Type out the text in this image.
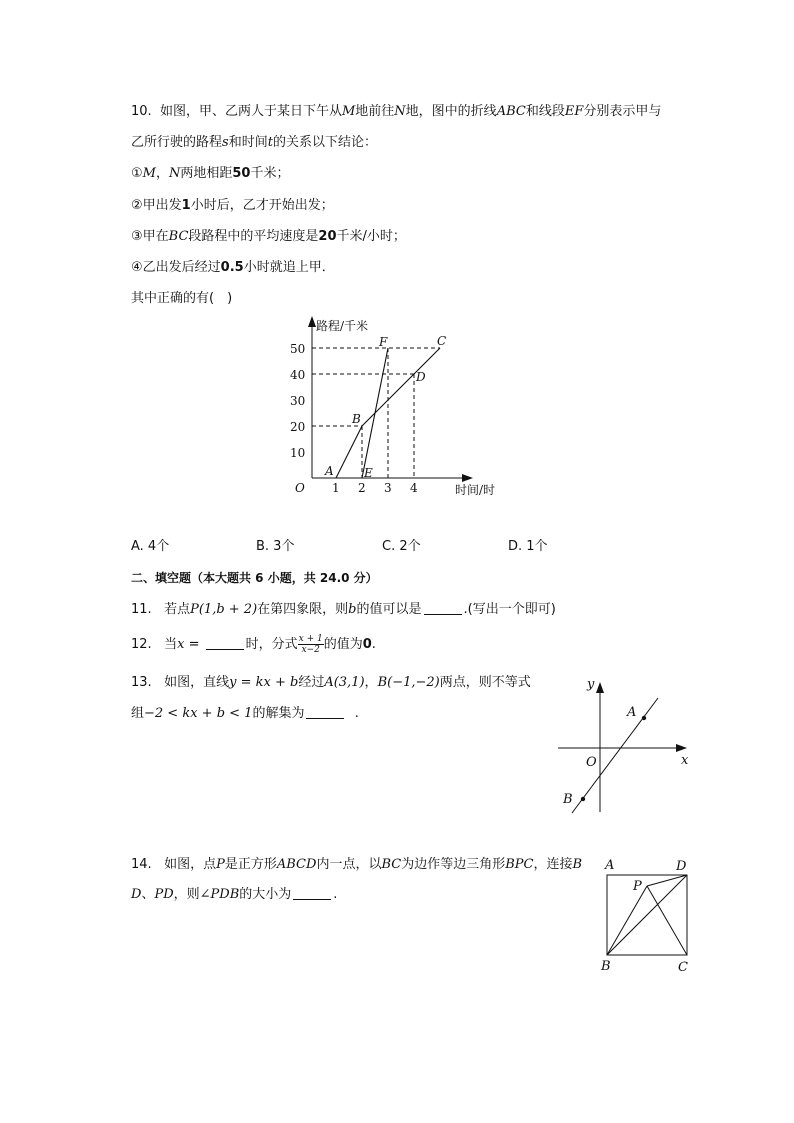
10. 如图，甲、乙两人于某日下午从M地前往N地，图中的折线ABC和线段EF分别表示甲与
乙所行驶的路程s和时间t的关系以下结论：
①M，N两地相距50千米；
②甲出发1小时后，乙才开始出发；
③甲在BC段路程中的平均速度是20千米/小时；
④乙出发后经过0.5小时就追上甲．
其中正确的有(　)
10
20
30
40
50
1 2 3 4
O
路程/千米
时间/时
A
B
C
D
E
F
A. 4个	B. 3个	C. 2个	D. 1个
二、填空题（本大题共 6 小题，共 24.0 分）
11. 若点P(1,b + 2)在第四象限，则b的值可以是	.(写出一个即可)
12. 当x =	时，分式 $\frac{x + 1}{x-2}$ 的值为0.
13. 如图，直线y = kx + b经过A(3,1)，B(−1,−2)两点，则不等式
组−2 < kx + b < 1的解集为	.
y
x
O
A
B
14. 如图，点P是正方形ABCD内一点，以BC为边作等边三角形BPC，连接B
D、PD，则∠PDB的大小为	.
A	D
B	C
P
